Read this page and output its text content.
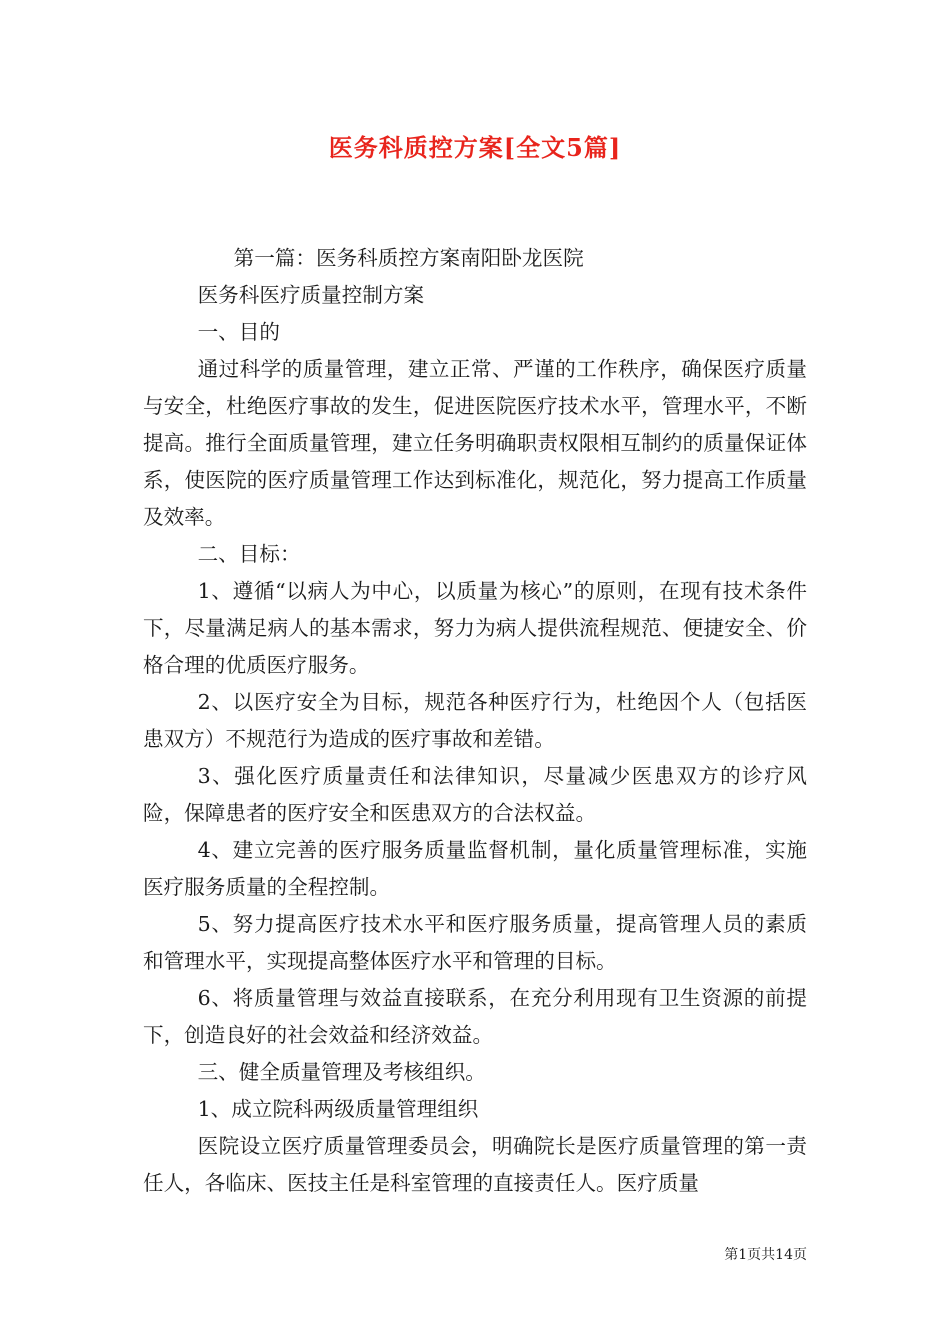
医务科质控方案[全文5篇]

第一篇：医务科质控方案南阳卧龙医院

医务科医疗质量控制方案

一、目的

通过科学的质量管理，建立正常、严谨的工作秩序，确保医疗质量与安全，杜绝医疗事故的发生，促进医院医疗技术水平，管理水平，不断提高。推行全面质量管理，建立任务明确职责权限相互制约的质量保证体系，使医院的医疗质量管理工作达到标准化，规范化，努力提高工作质量及效率。

二、目标：

1、遵循“以病人为中心，以质量为核心”的原则，在现有技术条件下，尽量满足病人的基本需求，努力为病人提供流程规范、便捷安全、价格合理的优质医疗服务。

2、以医疗安全为目标，规范各种医疗行为，杜绝因个人（包括医患双方）不规范行为造成的医疗事故和差错。

3、强化医疗质量责任和法律知识，尽量减少医患双方的诊疗风险，保障患者的医疗安全和医患双方的合法权益。

4、建立完善的医疗服务质量监督机制，量化质量管理标准，实施医疗服务质量的全程控制。

5、努力提高医疗技术水平和医疗服务质量，提高管理人员的素质和管理水平，实现提高整体医疗水平和管理的目标。

6、将质量管理与效益直接联系，在充分利用现有卫生资源的前提下，创造良好的社会效益和经济效益。

三、健全质量管理及考核组织。

1、成立院科两级质量管理组织

医院设立医疗质量管理委员会，明确院长是医疗质量管理的第一责任人，各临床、医技主任是科室管理的直接责任人。医疗质量

第1页共14页
